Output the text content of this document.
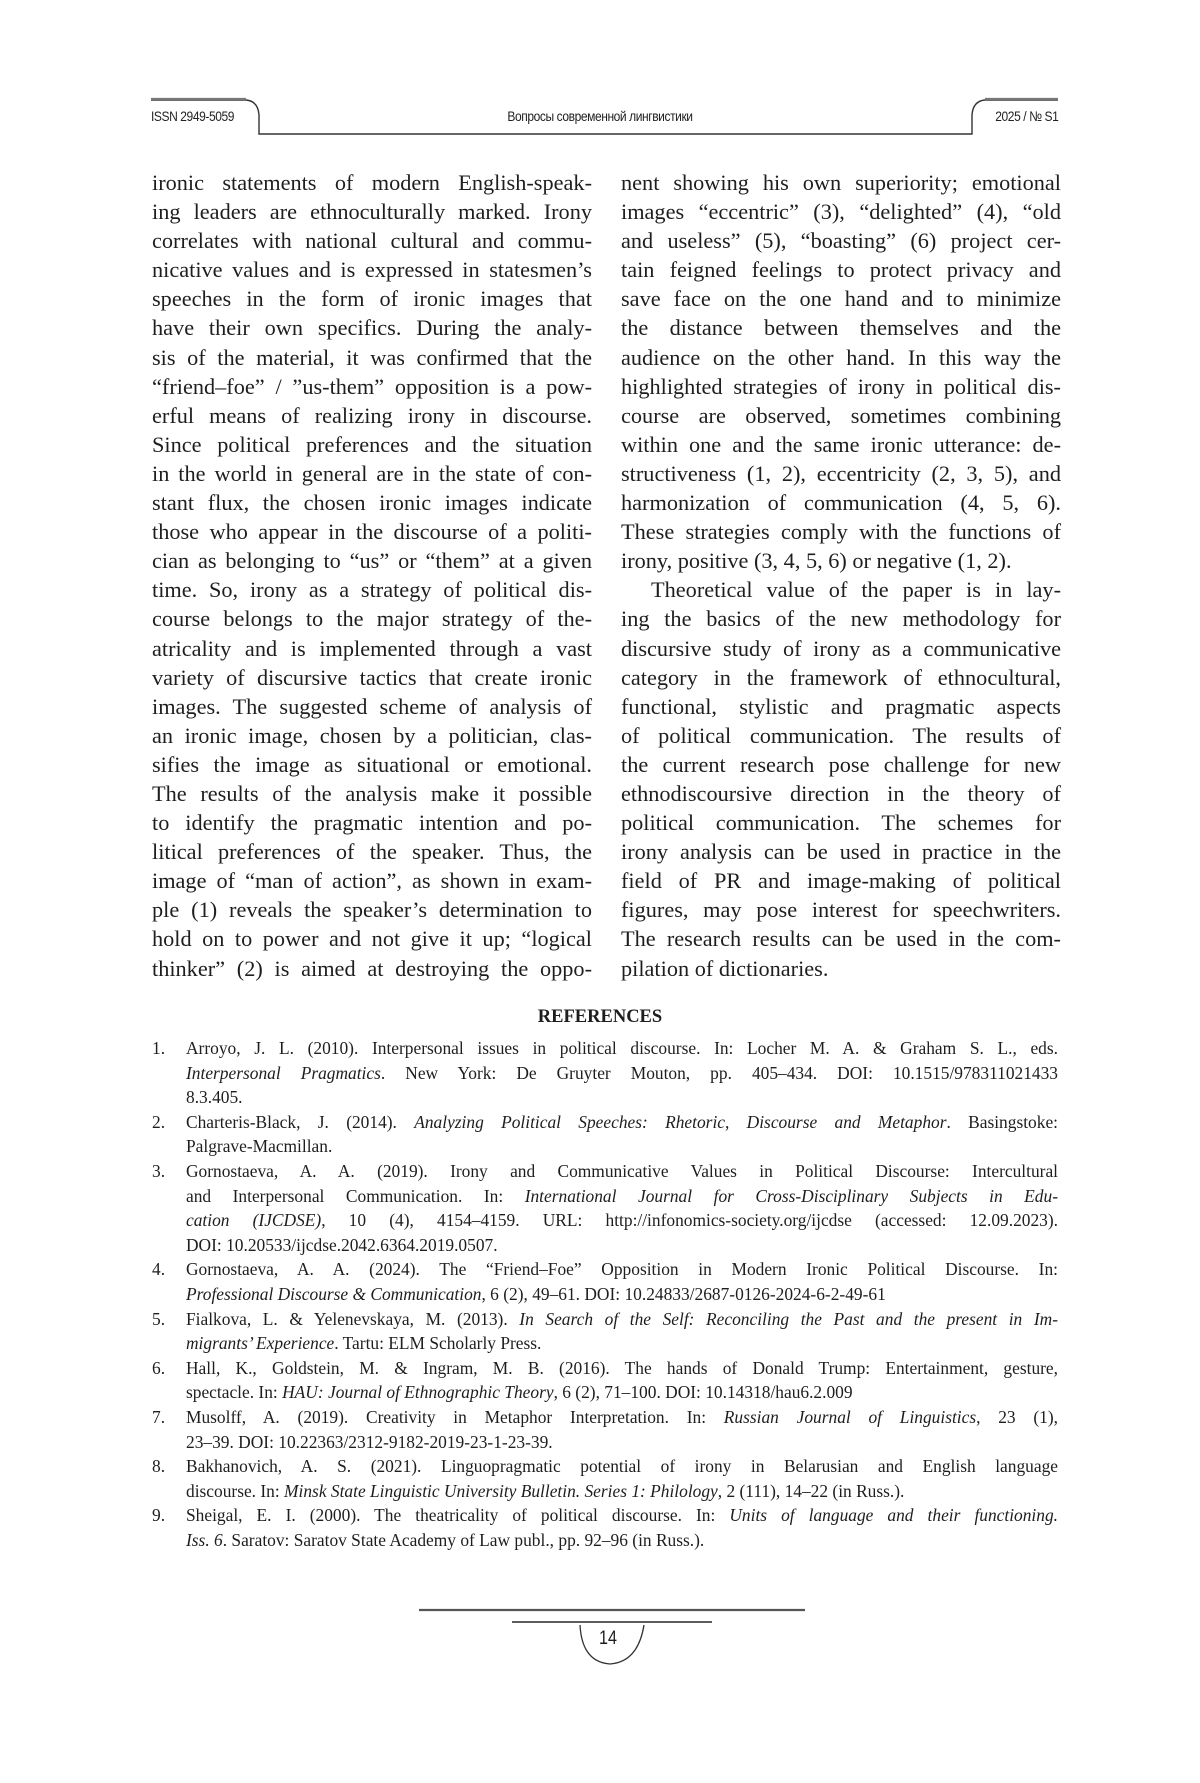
ISSN 2949-5059	Вопросы современной лингвистики	2025 / № S1
ironic statements of modern English-speak-
ing leaders are ethnoculturally marked. Irony
correlates with national cultural and commu-
nicative values and is expressed in statesmen’s
speeches in the form of ironic images that
have their own specifics. During the analy-
sis of the material, it was confirmed that the
“friend–foe” / ”us-them” opposition is a pow-
erful means of realizing irony in discourse.
Since political preferences and the situation
in the world in general are in the state of con-
stant flux, the chosen ironic images indicate
those who appear in the discourse of a politi-
cian as belonging to “us” or “them” at a given
time. So, irony as a strategy of political dis-
course belongs to the major strategy of the-
atricality and is implemented through a vast
variety of discursive tactics that create ironic
images. The suggested scheme of analysis of
an ironic image, chosen by a politician, clas-
sifies the image as situational or emotional.
The results of the analysis make it possible
to identify the pragmatic intention and po-
litical preferences of the speaker. Thus, the
image of “man of action”, as shown in exam-
ple (1) reveals the speaker’s determination to
hold on to power and not give it up; “logical
thinker” (2) is aimed at destroying the oppo-
nent showing his own superiority; emotional
images “eccentric” (3), “delighted” (4), “old
and useless” (5), “boasting” (6) project cer-
tain feigned feelings to protect privacy and
save face on the one hand and to minimize
the distance between themselves and the
audience on the other hand. In this way the
highlighted strategies of irony in political dis-
course are observed, sometimes combining
within one and the same ironic utterance: de-
structiveness (1, 2), eccentricity (2, 3, 5), and
harmonization of communication (4, 5, 6).
These strategies comply with the functions of
irony, positive (3, 4, 5, 6) or negative (1, 2).
Theoretical value of the paper is in lay-
ing the basics of the new methodology for
discursive study of irony as a communicative
category in the framework of ethnocultural,
functional, stylistic and pragmatic aspects
of political communication. The results of
the current research pose challenge for new
ethnodiscoursive direction in the theory of
political communication. The schemes for
irony analysis can be used in practice in the
field of PR and image-making of political
figures, may pose interest for speechwriters.
The research results can be used in the com-
pilation of dictionaries.
REFERENCES
1. Arroyo, J. L. (2010). Interpersonal issues in political discourse. In: Locher M. A. & Graham S. L., eds.
Interpersonal Pragmatics. New York: De Gruyter Mouton, pp. 405–434. DOI: 10.1515/978311021433
8.3.405.
2. Charteris-Black, J. (2014). Analyzing Political Speeches: Rhetoric, Discourse and Metaphor. Basingstoke:
Palgrave-Macmillan.
3. Gornostaeva, A. A. (2019). Irony and Communicative Values in Political Discourse: Intercultural
and Interpersonal Communication. In: International Journal for Cross-Disciplinary Subjects in Edu-
cation (IJCDSE), 10 (4), 4154–4159. URL: http://infonomics-society.org/ijcdse (accessed: 12.09.2023).
DOI: 10.20533/ijcdse.2042.6364.2019.0507.
4. Gornostaeva, A. A. (2024). The “Friend–Foe” Opposition in Modern Ironic Political Discourse. In:
Professional Discourse & Communication, 6 (2), 49–61. DOI: 10.24833/2687-0126-2024-6-2-49-61
5. Fialkova, L. & Yelenevskaya, M. (2013). In Search of the Self: Reconciling the Past and the present in Im-
migrants’ Experience. Tartu: ELM Scholarly Press.
6. Hall, K., Goldstein, M. & Ingram, M. B. (2016). The hands of Donald Trump: Entertainment, gesture,
spectacle. In: HAU: Journal of Ethnographic Theory, 6 (2), 71–100. DOI: 10.14318/hau6.2.009
7. Musolff, A. (2019). Creativity in Metaphor Interpretation. In: Russian Journal of Linguistics, 23 (1),
23–39. DOI: 10.22363/2312-9182-2019-23-1-23-39.
8. Bakhanovich, A. S. (2021). Linguopragmatic potential of irony in Belarusian and English language
discourse. In: Minsk State Linguistic University Bulletin. Series 1: Philology, 2 (111), 14–22 (in Russ.).
9. Sheigal, E. I. (2000). The theatricality of political discourse. In: Units of language and their functioning.
Iss. 6. Saratov: Saratov State Academy of Law publ., pp. 92–96 (in Russ.).
14
